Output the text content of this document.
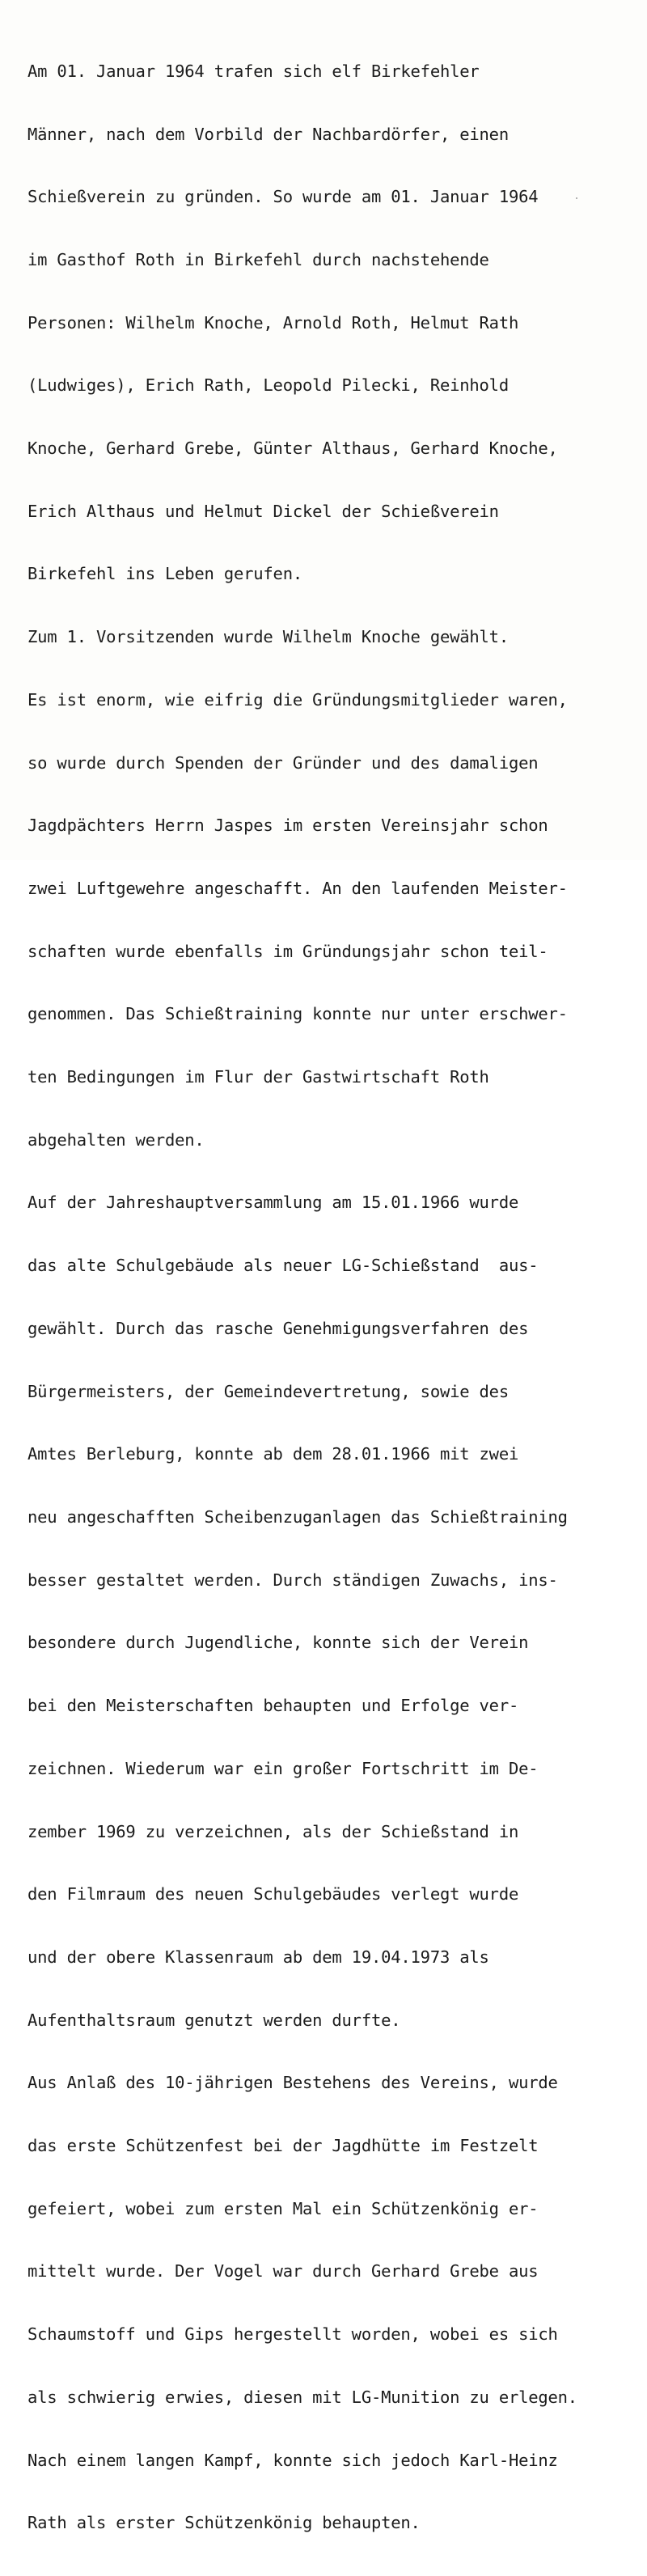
Am 01. Januar 1964 trafen sich elf Birkefehler

Männer, nach dem Vorbild der Nachbardörfer, einen

Schießverein zu gründen. So wurde am 01. Januar 1964

im Gasthof Roth in Birkefehl durch nachstehende

Personen: Wilhelm Knoche, Arnold Roth, Helmut Rath

(Ludwiges), Erich Rath, Leopold Pilecki, Reinhold

Knoche, Gerhard Grebe, Günter Althaus, Gerhard Knoche,

Erich Althaus und Helmut Dickel der Schießverein

Birkefehl ins Leben gerufen.

Zum 1. Vorsitzenden wurde Wilhelm Knoche gewählt.

Es ist enorm, wie eifrig die Gründungsmitglieder waren,

so wurde durch Spenden der Gründer und des damaligen

Jagdpächters Herrn Jaspes im ersten Vereinsjahr schon

zwei Luftgewehre angeschafft. An den laufenden Meister-

schaften wurde ebenfalls im Gründungsjahr schon teil-

genommen. Das Schießtraining konnte nur unter erschwer-

ten Bedingungen im Flur der Gastwirtschaft Roth

abgehalten werden.

Auf der Jahreshauptversammlung am 15.01.1966 wurde

das alte Schulgebäude als neuer LG-Schießstand  aus-

gewählt. Durch das rasche Genehmigungsverfahren des

Bürgermeisters, der Gemeindevertretung, sowie des

Amtes Berleburg, konnte ab dem 28.01.1966 mit zwei

neu angeschafften Scheibenzuganlagen das Schießtraining

besser gestaltet werden. Durch ständigen Zuwachs, ins-

besondere durch Jugendliche, konnte sich der Verein

bei den Meisterschaften behaupten und Erfolge ver-

zeichnen. Wiederum war ein großer Fortschritt im De-

zember 1969 zu verzeichnen, als der Schießstand in

den Filmraum des neuen Schulgebäudes verlegt wurde

und der obere Klassenraum ab dem 19.04.1973 als

Aufenthaltsraum genutzt werden durfte.

Aus Anlaß des 10-jährigen Bestehens des Vereins, wurde

das erste Schützenfest bei der Jagdhütte im Festzelt

gefeiert, wobei zum ersten Mal ein Schützenkönig er-

mittelt wurde. Der Vogel war durch Gerhard Grebe aus

Schaumstoff und Gips hergestellt worden, wobei es sich

als schwierig erwies, diesen mit LG-Munition zu erlegen.

Nach einem langen Kampf, konnte sich jedoch Karl-Heinz

Rath als erster Schützenkönig behaupten.
